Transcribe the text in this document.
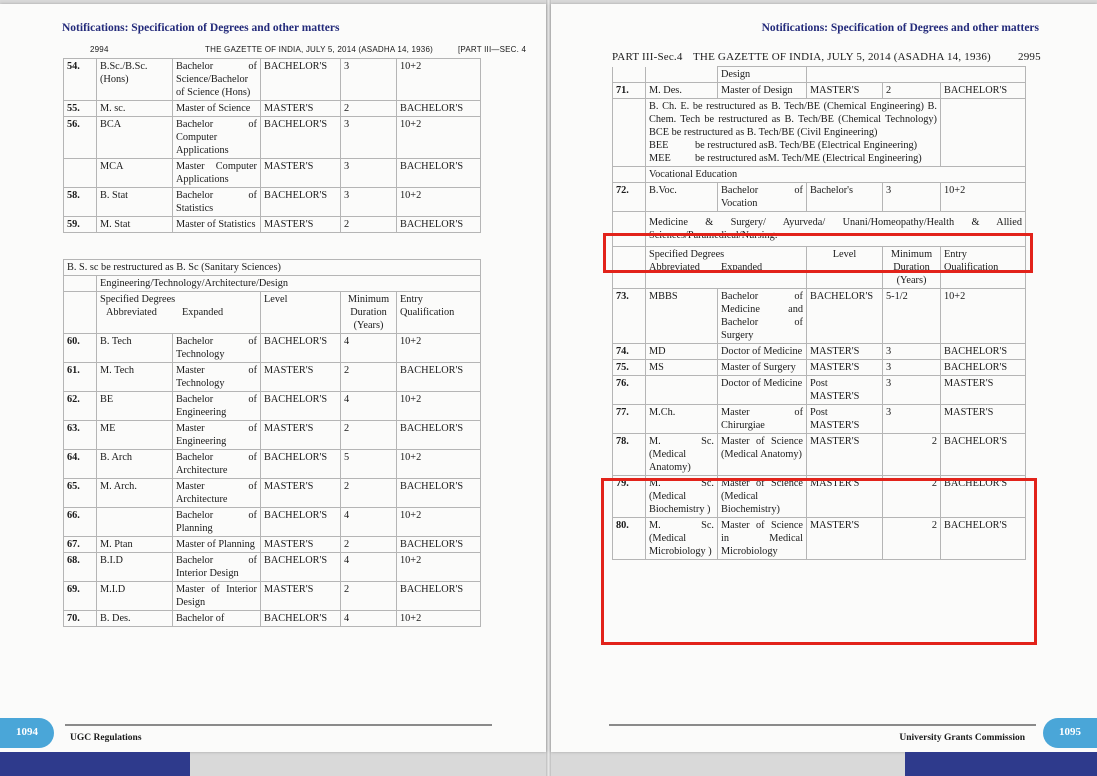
Notifications: Specification of Degrees and other matters
2994	THE GAZETTE OF INDIA, JULY 5, 2014 (ASADHA 14, 1936)	[PART III—SEC. 4
54.	B.Sc./B.Sc. (Hons)	Bachelor of Science/Bachelor of Science (Hons)	BACHELOR'S	3	10+2
55.	M. sc.	Master of Science	MASTER'S	2	BACHELOR'S
56.	BCA	Bachelor of Computer Applications	BACHELOR'S	3	10+2
	MCA	Master Computer Applications	MASTER'S	3	BACHELOR'S
58.	B. Stat	Bachelor of Statistics	BACHELOR'S	3	10+2
59.	M. Stat	Master of Statistics	MASTER'S	2	BACHELOR'S
B. S. sc be restructured as B. Sc (Sanitary Sciences)					
	Engineering/Technology/Architecture/Design				

	Specified Degrees
Abbreviated Expanded		Level	Minimum Duration (Years)	Entry Qualification
60.	B. Tech	Bachelor of Technology	BACHELOR'S	4	10+2
61.	M. Tech	Master of Technology	MASTER'S	2	BACHELOR'S
62.	BE	Bachelor of Engineering	BACHELOR'S	4	10+2
63.	ME	Master of Engineering	MASTER'S	2	BACHELOR'S
64.	B. Arch	Bachelor of Architecture	BACHELOR'S	5	10+2
65.	M. Arch.	Master of Architecture	MASTER'S	2	BACHELOR'S
66.		Bachelor of Planning	BACHELOR'S	4	10+2
67.	M. Ptan	Master of Planning	MASTER'S	2	BACHELOR'S
68.	B.I.D	Bachelor of Interior Design	BACHELOR'S	4	10+2
69.	M.I.D	Master of Interior Design	MASTER'S	2	BACHELOR'S
70.	B. Des.	Bachelor of	BACHELOR'S	4	10+2
1094	UGC Regulations
Notifications: Specification of Degrees and other matters
PART III-Sec.4 THE GAZETTE OF INDIA, JULY 5, 2014 (ASADHA 14, 1936) 2995
		Design			
71.	M. Des.	Master of Design	MASTER'S	2	BACHELOR'S

	B. Ch. E. be restructured as B. Tech/BE (Chemical Engineering) B. Chem. Tech be restructured as B. Tech/BE (Chemical Technology) BCE be restructured as B. Tech/BE (Civil Engineering)
BEE be restructured asB. Tech/BE (Electrical Engineering)
MEE be restructured asM. Tech/ME (Electrical Engineering)				

	Vocational Education				
72.	B.Voc.	Bachelor of Vocation	Bachelor's	3	10+2
	Medicine & Surgery/ Ayurveda/ Unani/Homeopathy/Health & Allied Sciences/Paramedical/Nursing:				

	Specified Degrees
Abbreviated Expanded		Level	Minimum Duration (Years)	Entry Qualification
73.	MBBS	Bachelor of Medicine and Bachelor of Surgery	BACHELOR'S	5-1/2	10+2
74.	MD	Doctor of Medicine	MASTER'S	3	BACHELOR'S
75.	MS	Master of Surgery	MASTER'S	3	BACHELOR'S
76.		Doctor of Medicine	Post MASTER'S	3	MASTER'S
77.	M.Ch.	Master of Chirurgiae	Post MASTER'S	3	MASTER'S
78.	M. Sc. (Medical Anatomy)	Master of Science (Medical Anatomy)	MASTER'S	2	BACHELOR'S
79.	M. Sc. (Medical Biochemistry )	Master of Science (Medical Biochemistry)	MASTER'S	2	BACHELOR'S
80.	M. Sc. (Medical Microbiology )	Master of Science in Medical Microbiology	MASTER'S	2	BACHELOR'S
1095
University Grants Commission
